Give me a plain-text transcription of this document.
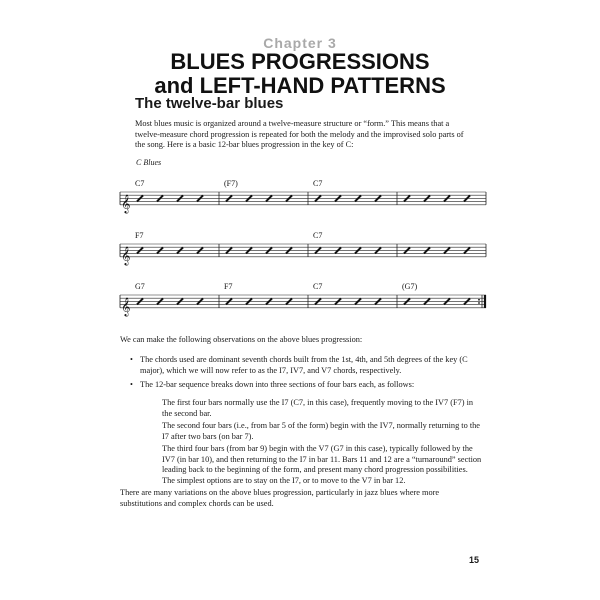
Chapter 3
BLUES PROGRESSIONS
and LEFT-HAND PATTERNS
The twelve-bar blues
Most blues music is organized around a twelve-measure structure or “form.” This means that a twelve-measure chord progression is repeated for both the melody and the improvised solo parts of the song. Here is a basic 12-bar blues progression in the key of C:
C Blues
𝄞
C7	(F7)	C7
𝄞
F7	C7
𝄞
G7	F7	C7	(G7)
We can make the following observations on the above blues progression:
• The chords used are dominant seventh chords built from the 1st, 4th, and 5th degrees of the key (C major), which we will now refer to as the I7, IV7, and V7 chords, respectively.
• The 12-bar sequence breaks down into three sections of four bars each, as follows:
The first four bars normally use the I7 (C7, in this case), frequently moving to the IV7 (F7) in the second bar.
The second four bars (i.e., from bar 5 of the form) begin with the IV7, normally returning to the I7 after two bars (on bar 7).
The third four bars (from bar 9) begin with the V7 (G7 in this case), typically followed by the IV7 (in bar 10), and then returning to the I7 in bar 11. Bars 11 and 12 are a “turnaround” section leading back to the beginning of the form, and present many chord progression possibilities. The simplest options are to stay on the I7, or to move to the V7 in bar 12.
There are many variations on the above blues progression, particularly in jazz blues where more substitutions and complex chords can be used.
15
